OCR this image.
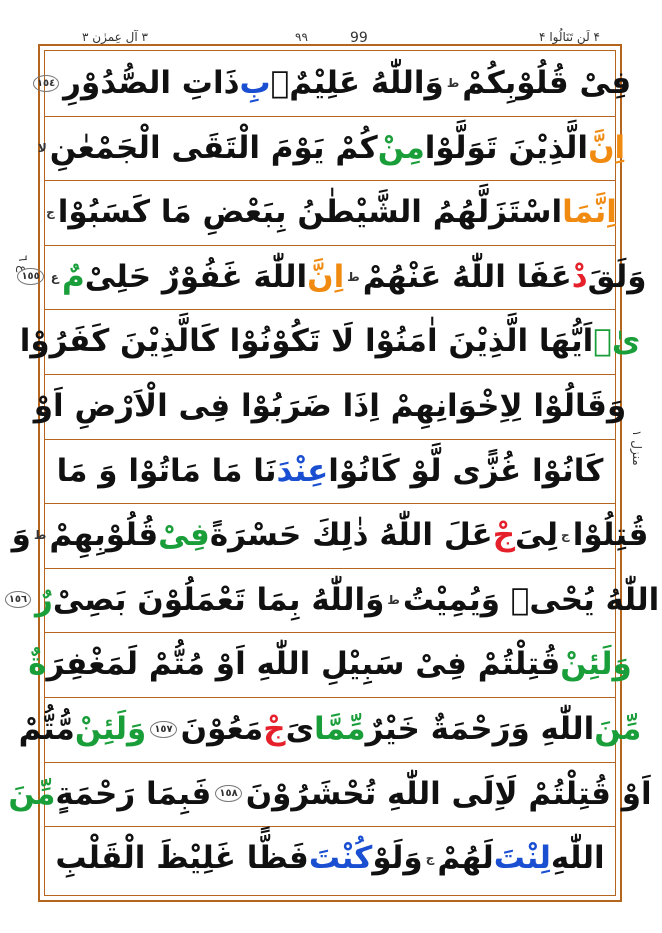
۳ آلِ عِمرٰن ۳	۹۹	99	۴ لَن تَنَالُوا ۴
ع ٦
منزل ١
فِیْ قُلُوْبِكُمْ
ط
وَاللّٰهُ عَلِیْمٌۢ
بِ
ذَاتِ الصُّدُوْرِ
١٥٤
اِنَّ
الَّذِیْنَ تَوَلَّوْا
مِنْ
كُمْ یَوْمَ الْتَقَى الْجَمْعٰنِ
لا
اِنَّمَا
اسْتَزَلَّهُمُ الشَّیْطٰنُ بِبَعْضِ مَا كَسَبُوْا
ج
وَلَقَ
دْ
عَفَا اللّٰهُ عَنْهُمْ
ط
اِنَّ
اللّٰهَ غَفُوْرٌ حَلِیْ
مٌ
ع
١٥٥
یٰۤ
اَیُّهَا الَّذِیْنَ اٰمَنُوْا لَا تَكُوْنُوْا كَالَّذِیْنَ كَفَرُوْا
وَقَالُوْا لِاِخْوَانِهِمْ اِذَا ضَرَبُوْا فِی الْاَرْضِ اَوْ
كَانُوْا غُزًّى لَّوْ كَانُوْا
عِنْدَ
نَا مَا مَاتُوْا وَ مَا
قُتِلُوْا
ج
لِیَ
جْ
عَلَ اللّٰهُ ذٰلِكَ حَسْرَةً
فِیْ
قُلُوْبِهِمْ
ط
وَ
اللّٰهُ یُحْیٖ وَیُمِیْتُ
ط
وَاللّٰهُ بِمَا تَعْمَلُوْنَ بَصِیْ
رٌ
١٥٦
وَلَئِنْ
قُتِلْتُمْ فِیْ سَبِیْلِ اللّٰهِ اَوْ مُتُّمْ لَمَغْفِرَ
ةٌ
مِّنَ
اللّٰهِ وَرَحْمَةٌ خَیْرٌ
مِّمَّا
یَ
جْ
مَعُوْنَ
١٥٧
وَلَئِنْ
مُّتُّمْ
اَوْ قُتِلْتُمْ لَاِلَى اللّٰهِ تُحْشَرُوْنَ
١٥٨
فَبِمَا رَحْمَةٍ
مِّنَ
اللّٰهِ
لِنْتَ
لَهُمْ
ج
وَلَوْ
كُنْتَ
فَظًّا غَلِیْظَ الْقَلْبِ
